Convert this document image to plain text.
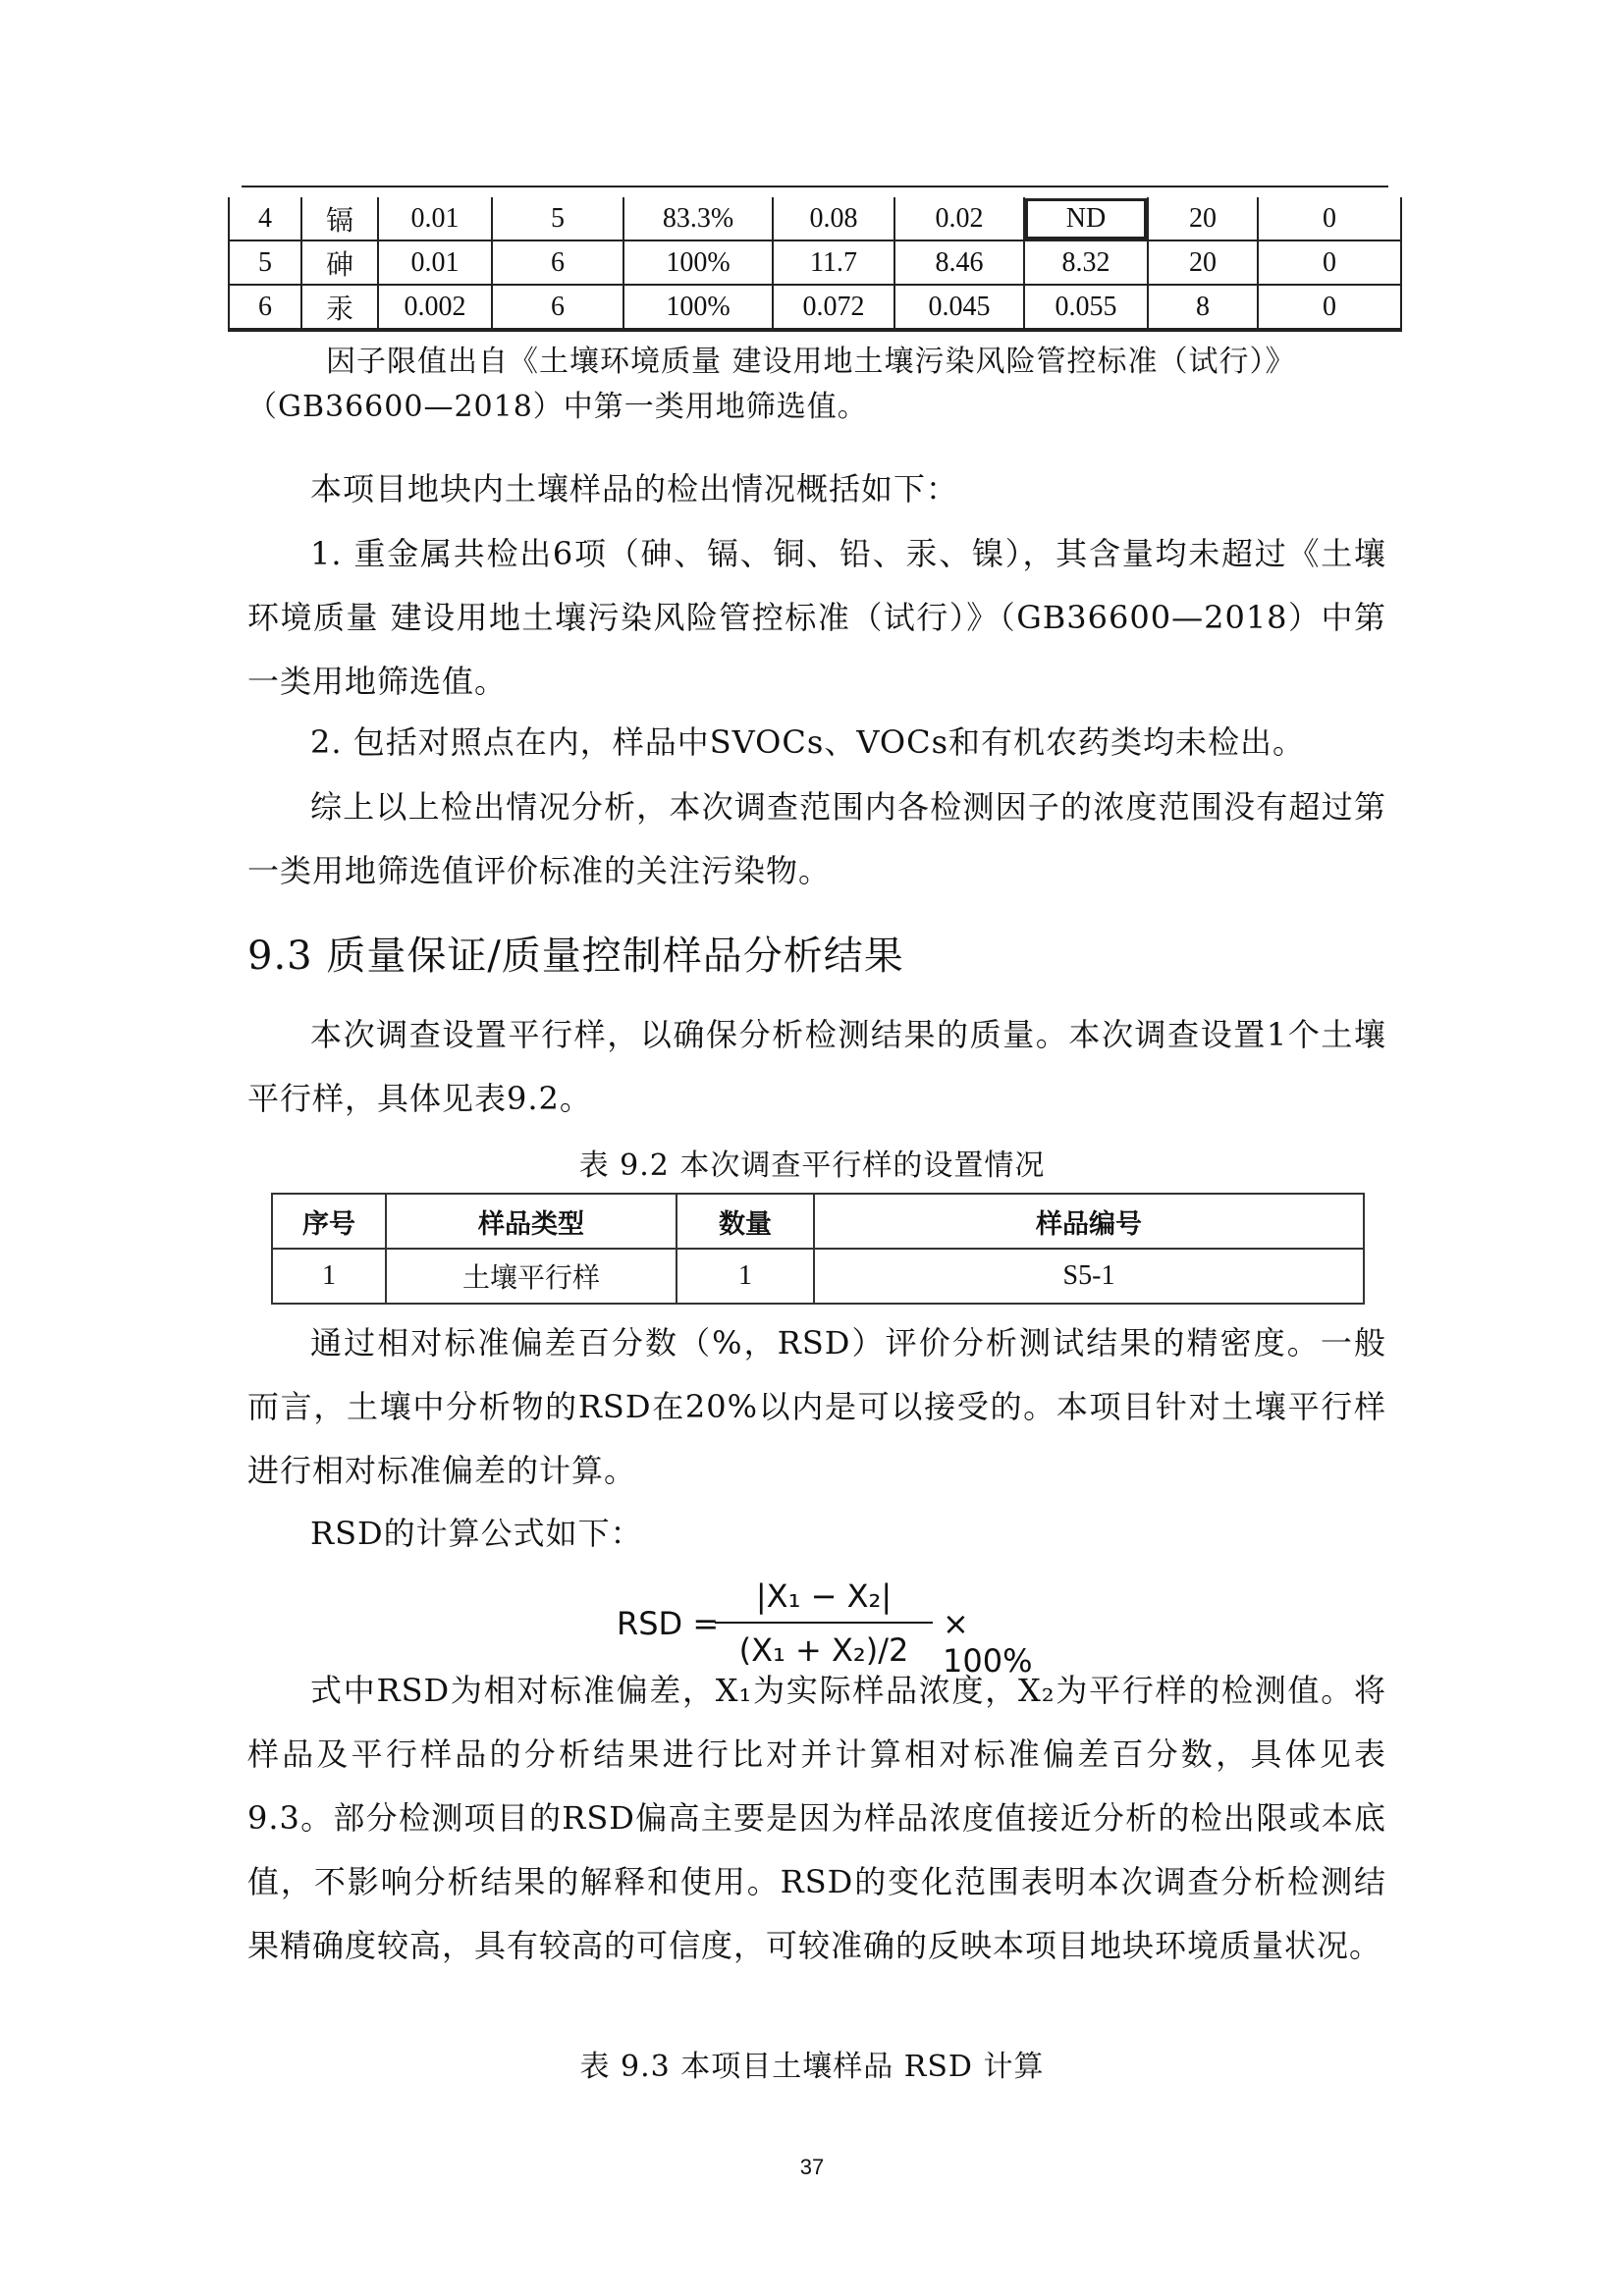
4	镉	0.01	5	83.3%	0.08	0.02	ND	20	0
5	砷	0.01	6	100%	11.7	8.46	8.32	20	0
6	汞	0.002	6	100%	0.072	0.045	0.055	8	0
因子限值出自《土壤环境质量 建设用地土壤污染风险管控标准（试行）》
（GB36600—2018）中第一类用地筛选值。
本项目地块内土壤样品的检出情况概括如下：
1. 重金属共检出6项（砷、镉、铜、铅、汞、镍），其含量均未超过《土壤环境质量 建设用地土壤污染风险管控标准（试行）》（GB36600—2018）中第一类用地筛选值。
2. 包括对照点在内，样品中SVOCs、VOCs和有机农药类均未检出。
综上以上检出情况分析，本次调查范围内各检测因子的浓度范围没有超过第一类用地筛选值评价标准的关注污染物。
9.3 质量保证/质量控制样品分析结果
本次调查设置平行样，以确保分析检测结果的质量。本次调查设置1个土壤平行样，具体见表9.2。
表 9.2 本次调查平行样的设置情况
序号	样品类型	数量	样品编号
1	土壤平行样	1	S5-1
通过相对标准偏差百分数（%，RSD）评价分析测试结果的精密度。一般而言，土壤中分析物的RSD在20%以内是可以接受的。本项目针对土壤平行样进行相对标准偏差的计算。
RSD的计算公式如下：
RSD =
|X₁ − X₂|
(X₁ + X₂)/2
× 100%
式中RSD为相对标准偏差，X₁为实际样品浓度，X₂为平行样的检测值。将样品及平行样品的分析结果进行比对并计算相对标准偏差百分数，具体见表9.3。部分检测项目的RSD偏高主要是因为样品浓度值接近分析的检出限或本底值，不影响分析结果的解释和使用。RSD的变化范围表明本次调查分析检测结果精确度较高，具有较高的可信度，可较准确的反映本项目地块环境质量状况。
表 9.3 本项目土壤样品 RSD 计算
37
